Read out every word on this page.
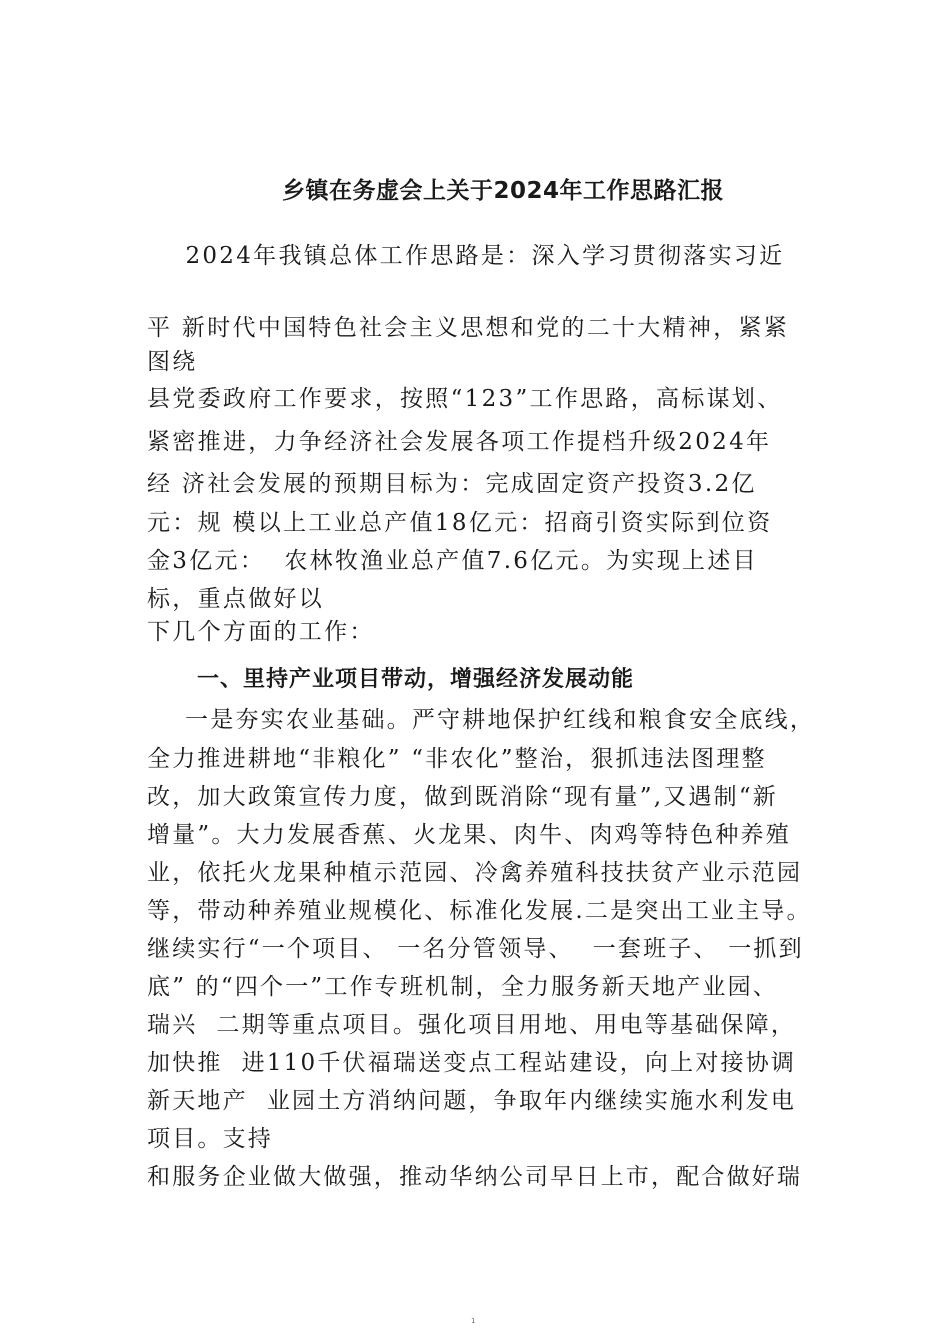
乡镇在务虚会上关于2024年工作思路汇报
2024年我镇总体工作思路是：深入学习贯彻落实习近
平 新时代中国特色社会主义思想和党的二十大精神，紧紧
图绕
县党委政府工作要求，按照“123”工作思路，高标谋划、
紧密推进，力争经济社会发展各项工作提档升级2024年
经 济社会发展的预期目标为：完成固定资产投资3.2亿
元：规 模以上工业总产值18亿元：招商引资实际到位资
金3亿元：  农林牧渔业总产值7.6亿元。为实现上述目
标，重点做好以
下几个方面的工作：
一、里持产业项目带动，增强经济发展动能
一是夯实农业基础。严守耕地保护红线和粮食安全底线，
全力推进耕地“非粮化” “非农化”整治，狠抓违法图理整
改，加大政策宣传力度，做到既消除“现有量”,又遇制“新
增量”。大力发展香蕉、火龙果、肉牛、肉鸡等特色种养殖
业，依托火龙果种植示范园、冷禽养殖科技扶贫产业示范园
等，带动种养殖业规模化、标准化发展.二是突出工业主导。
继续实行“一个项目、 一名分管领导、  一套班子、 一抓到
底” 的“四个一”工作专班机制，全力服务新天地产业园、
瑞兴  二期等重点项目。强化项目用地、用电等基础保障，
加快推  进110千伏福瑞送变点工程站建设，向上对接协调
新天地产  业园土方消纳问题，争取年内继续实施水利发电
项目。支持
和服务企业做大做强，推动华纳公司早日上市，配合做好瑞
1
